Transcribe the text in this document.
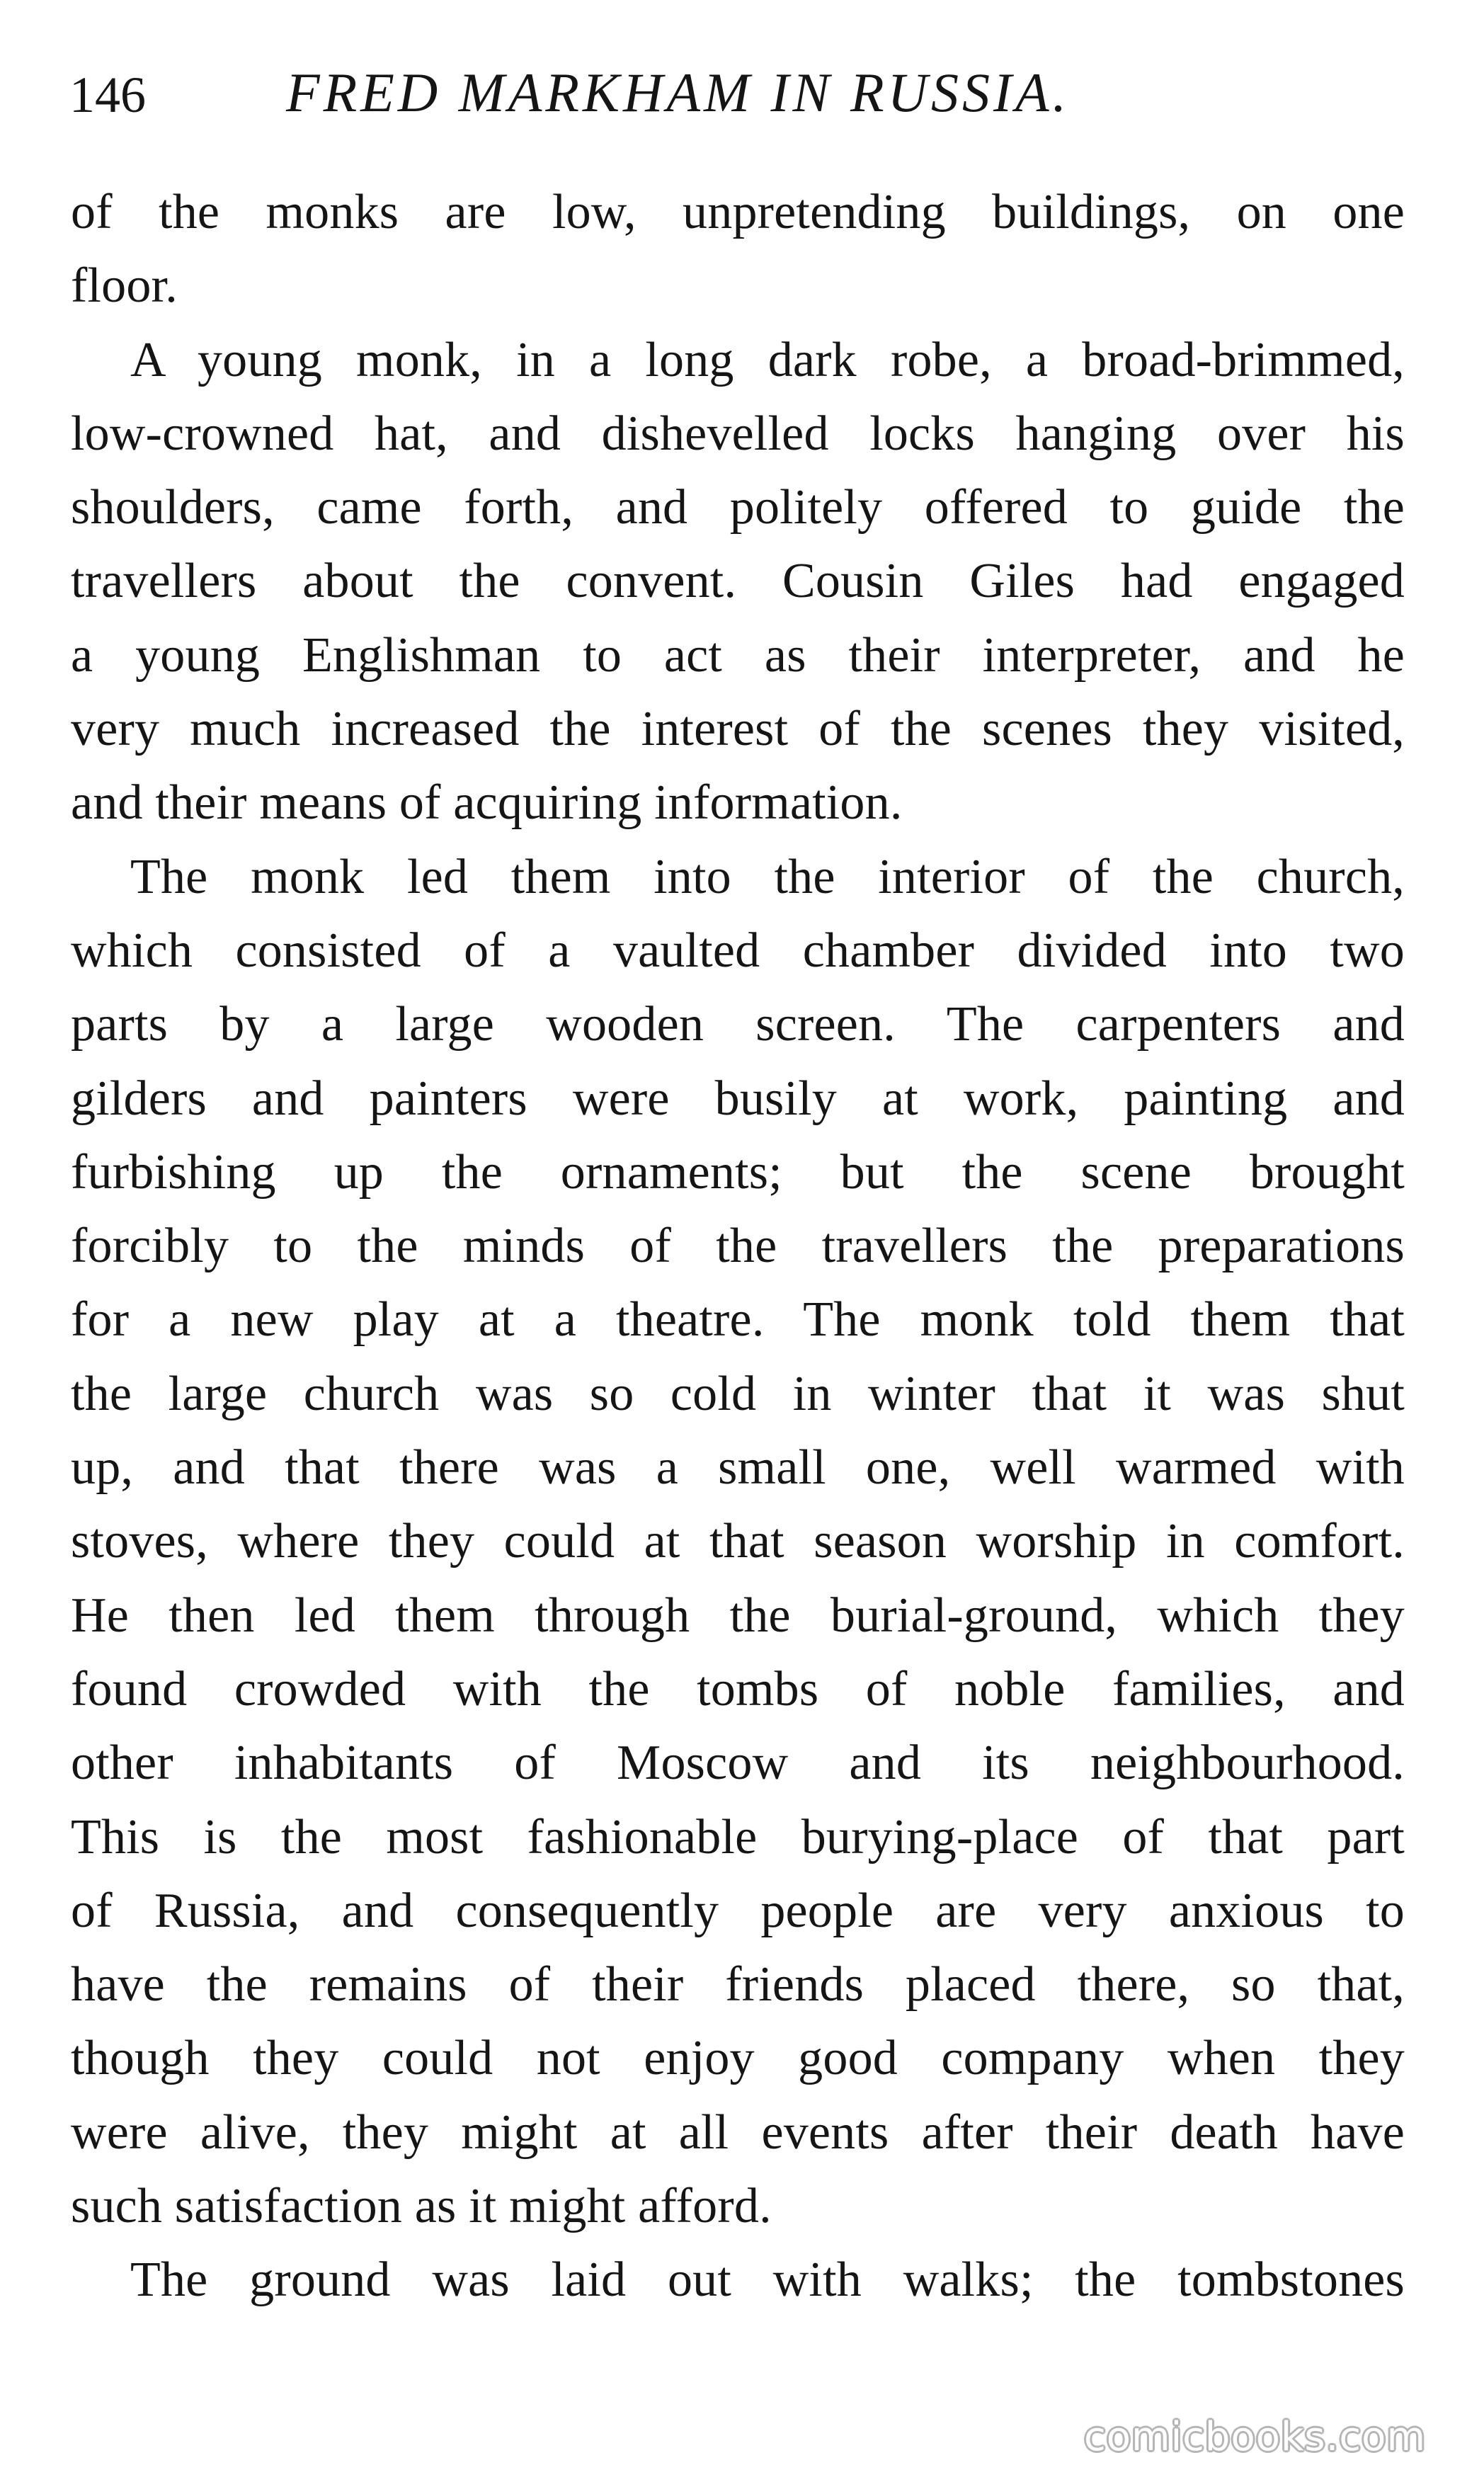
146	FRED MARKHAM IN RUSSIA.
of the monks are low, unpretending buildings, on one
floor.
A young monk, in a long dark robe, a broad-brimmed,
low-crowned hat, and dishevelled locks hanging over his
shoulders, came forth, and politely offered to guide the
travellers about the convent. Cousin Giles had engaged
a young Englishman to act as their interpreter, and he
very much increased the interest of the scenes they visited,
and their means of acquiring information.
The monk led them into the interior of the church,
which consisted of a vaulted chamber divided into two
parts by a large wooden screen. The carpenters and
gilders and painters were busily at work, painting and
furbishing up the ornaments; but the scene brought
forcibly to the minds of the travellers the preparations
for a new play at a theatre. The monk told them that
the large church was so cold in winter that it was shut
up, and that there was a small one, well warmed with
stoves, where they could at that season worship in comfort.
He then led them through the burial-ground, which they
found crowded with the tombs of noble families, and
other inhabitants of Moscow and its neighbourhood.
This is the most fashionable burying-place of that part
of Russia, and consequently people are very anxious to
have the remains of their friends placed there, so that,
though they could not enjoy good company when they
were alive, they might at all events after their death have
such satisfaction as it might afford.
The ground was laid out with walks; the tombstones
comicbooks.com
